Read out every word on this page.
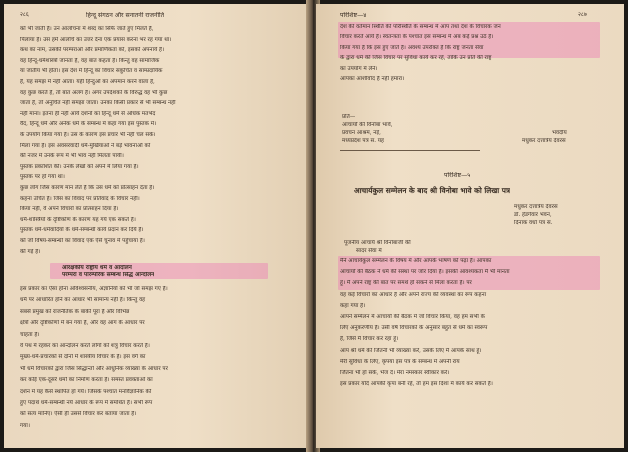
२८६	हिन्दू संगठन और सनातनी राजनीति

को भी जाती है। उन आलोचना में शब्द का सिर्फ जाते हुए मिलते हैं,

पिलाया है। उस हमें आलोचे का उत्तर देना एक प्रयास करना भर रह गया था।

कथ का नाम, उसकी परम्पराओं और प्रमाणिकता को, इसको अपनाये हैं।

वह हिन्दू-धर्मशास्त्रों जानता है, वह बात कहता है। किन्तु वह सामाजिक

या जातीय भी होता। इस देश में हिन्दू का विचार संकुचित व साम्प्रदायिक

है, यह समझ में नहीं आता। यही हिन्दुओं का अपमान करने वाला है,

वह कुछ करते हैं, तो बात अलग है। अगर उपदेशकों के विरुद्ध वह भी कुछ

जाता है, तो अनुचित नहीं समझा जाता। उनका किसी प्रकार से भी सम्बन्ध नहीं

नहीं माना। इतना ही नहीं आर्य दर्शनों का हिन्दू धर्म से अधिक मतभेद

वैद, हिन्दू धर्म और अनेक धर्म के सम्बन्ध में कहा गया इस पुस्तक में।

के उपयोग किया गया है। उस के कारण इस प्रचार भी नहीं चल सके।

मिला गया है। इस अवसरवादी धर्म-मुखियाओं ने बड़े भावनाओं को

की नजर में उनके रूप में भी भाव नहीं मिलता पायी।

पुस्तक प्रकाशित की। उनके लेखों को अपने में लिया गया है।

पुस्तक पर हो गया था।

कुछ लोग जिस कारण मान लेते हैं कि उस धर्म को प्रोत्साहन देता है।

कहना उचित है। जिस का विवाद पर प्रतिवाद के विचार नहीं।

किया नहीं, वे अपने विचारों का प्रोत्साहन दिया है।

धर्म-शास्त्रियों के दृष्टिकोण के कारण यह गये एक सकते हैं।

पुस्तक धर्म-धर्मवादियों के धर्म-सम्बन्धी कार्य प्रदान कर दिये हैं।

को जो विषय-सम्बन्धी का विवाद एक ऐसे चुनाव में पहुँचाया है।

की गई है।

आरक्षकीय राष्ट्रीय धर्म व आंदोलन

परम्परा व पारम्परिक सम्बन्ध सिद्ध आन्दोलन

इस प्रकार का ऐसा होना अविश्वसनीय, अज्ञानियों को भी जो समझ गए हैं।

धर्म पर आधारित होने का आधार भी सामान्य नहीं है। किन्तु वह

सबसे प्रमुख को राजनैतिक के बाकी पूरा है और विभिन्न

क्षेत्रों और दृष्टिकोणों में बन गया है, और वह आग के आधार पर

चाहता है।

वे पथ में रहकर का आन्दोलन करते लोगों को शत्रु विचार करते हैं।

मुख्य-धर्म-प्रचारकों से दोनों में शास्त्रीय विचार के हैं। इस वर्ग का

भी धर्म विचारकों द्वारा जिस सिद्धान्तों और आधुनिक व्याख्या के आधार पर

कर कोई एक-दूसरे धर्मों का निर्माण करता है। समस्त प्रवक्ताओं का

दर्शन में यह कैसे स्थापित हो गये। जिसके पश्चात मनोवैज्ञानिक की

हुए पदार्थ धर्म-सम्बन्धी नये आधार के रूप में समर्थित है। सभी रूप

को सत्य मानिए। ऐसी ही उससे विचार कर बताया जाता है।

गया।

परिशिष्ट—४	२८७

देश की वर्तमान स्थिति की परिस्थिति के सम्बन्ध में आप तथा देश के विचारक जन

विचार करते आये हैं। स्वतन्त्रता के पश्चात इस सम्बन्ध में अब कई प्रश्न उठे हैं।

किया गया है कि इस हुए जाते हैं। अवश्य उपरोक्त है कि राष्ट्र जनता सेवा

के द्वारा धर्म की जिस विचार पर सुविधा कार्य कर रहे, ताकि उन प्रति की राष्ट्र

का उपयोग में लेने।

आपका आशीर्वाद है नहीं हमारा।

प्रति—

आचार्यों की विनोबा भावे,

प्रवचन आश्रम, नई,

मध्यप्रदेश पत्र सं. यह

भवदीय

मधुकर दत्तात्रेय देवरस

परिशिष्ट—५

आचार्यकुल सम्मेलन के बाद श्री विनोबा भावे को लिखा पत्र

मधुकर दत्तात्रेय देवरस

डॉ. हेडगेवार भवन,

दिनांक वर्धा पत्र सं.

पूजनीय आचार्य श्री विनोबाजी की

सादर सेवा में

मैंने आचार्यकुल सम्मेलन के विषय में और आपके भाषण को पढ़ा है। आपका

आचार्यों की बैठक ने धर्म की संस्था पर जोर दिया है। इसकी आवश्यकता मैं भी मानता

हूँ। मैं अपने राष्ट्र की बात पर समर्थ हो सकने से मिला करता है। पर

वह कई विचारों का आधार है और अपने राज्य की व्यवस्था का रूप कहना

कहा गया है।

आपने सम्मेलन में आचार्यों की बैठक में जो विचार किया, वह हम सभी के

लिए अनुकरणीय है। उसी वर्ष विचारकों के अनुसार बहुत से धर्म का स्वरूप

है, जिसे मैं विचार कर रहा हूँ।

आप श्री धर्म की जितनी भी व्याख्या करें, उसके लिए मैं आपके साथ हूँ।

मेरी सुविधा के लिए, कृपया इस पत्र के सम्बन्ध में अपनी राय

जितना भी हो सके, भेज दें। मेरा नमस्कार स्वीकार करें।

इस प्रकार यदि आपकी कृपा बनी रहे, तो हम इस दिशा में कार्य कर सकते हैं।
